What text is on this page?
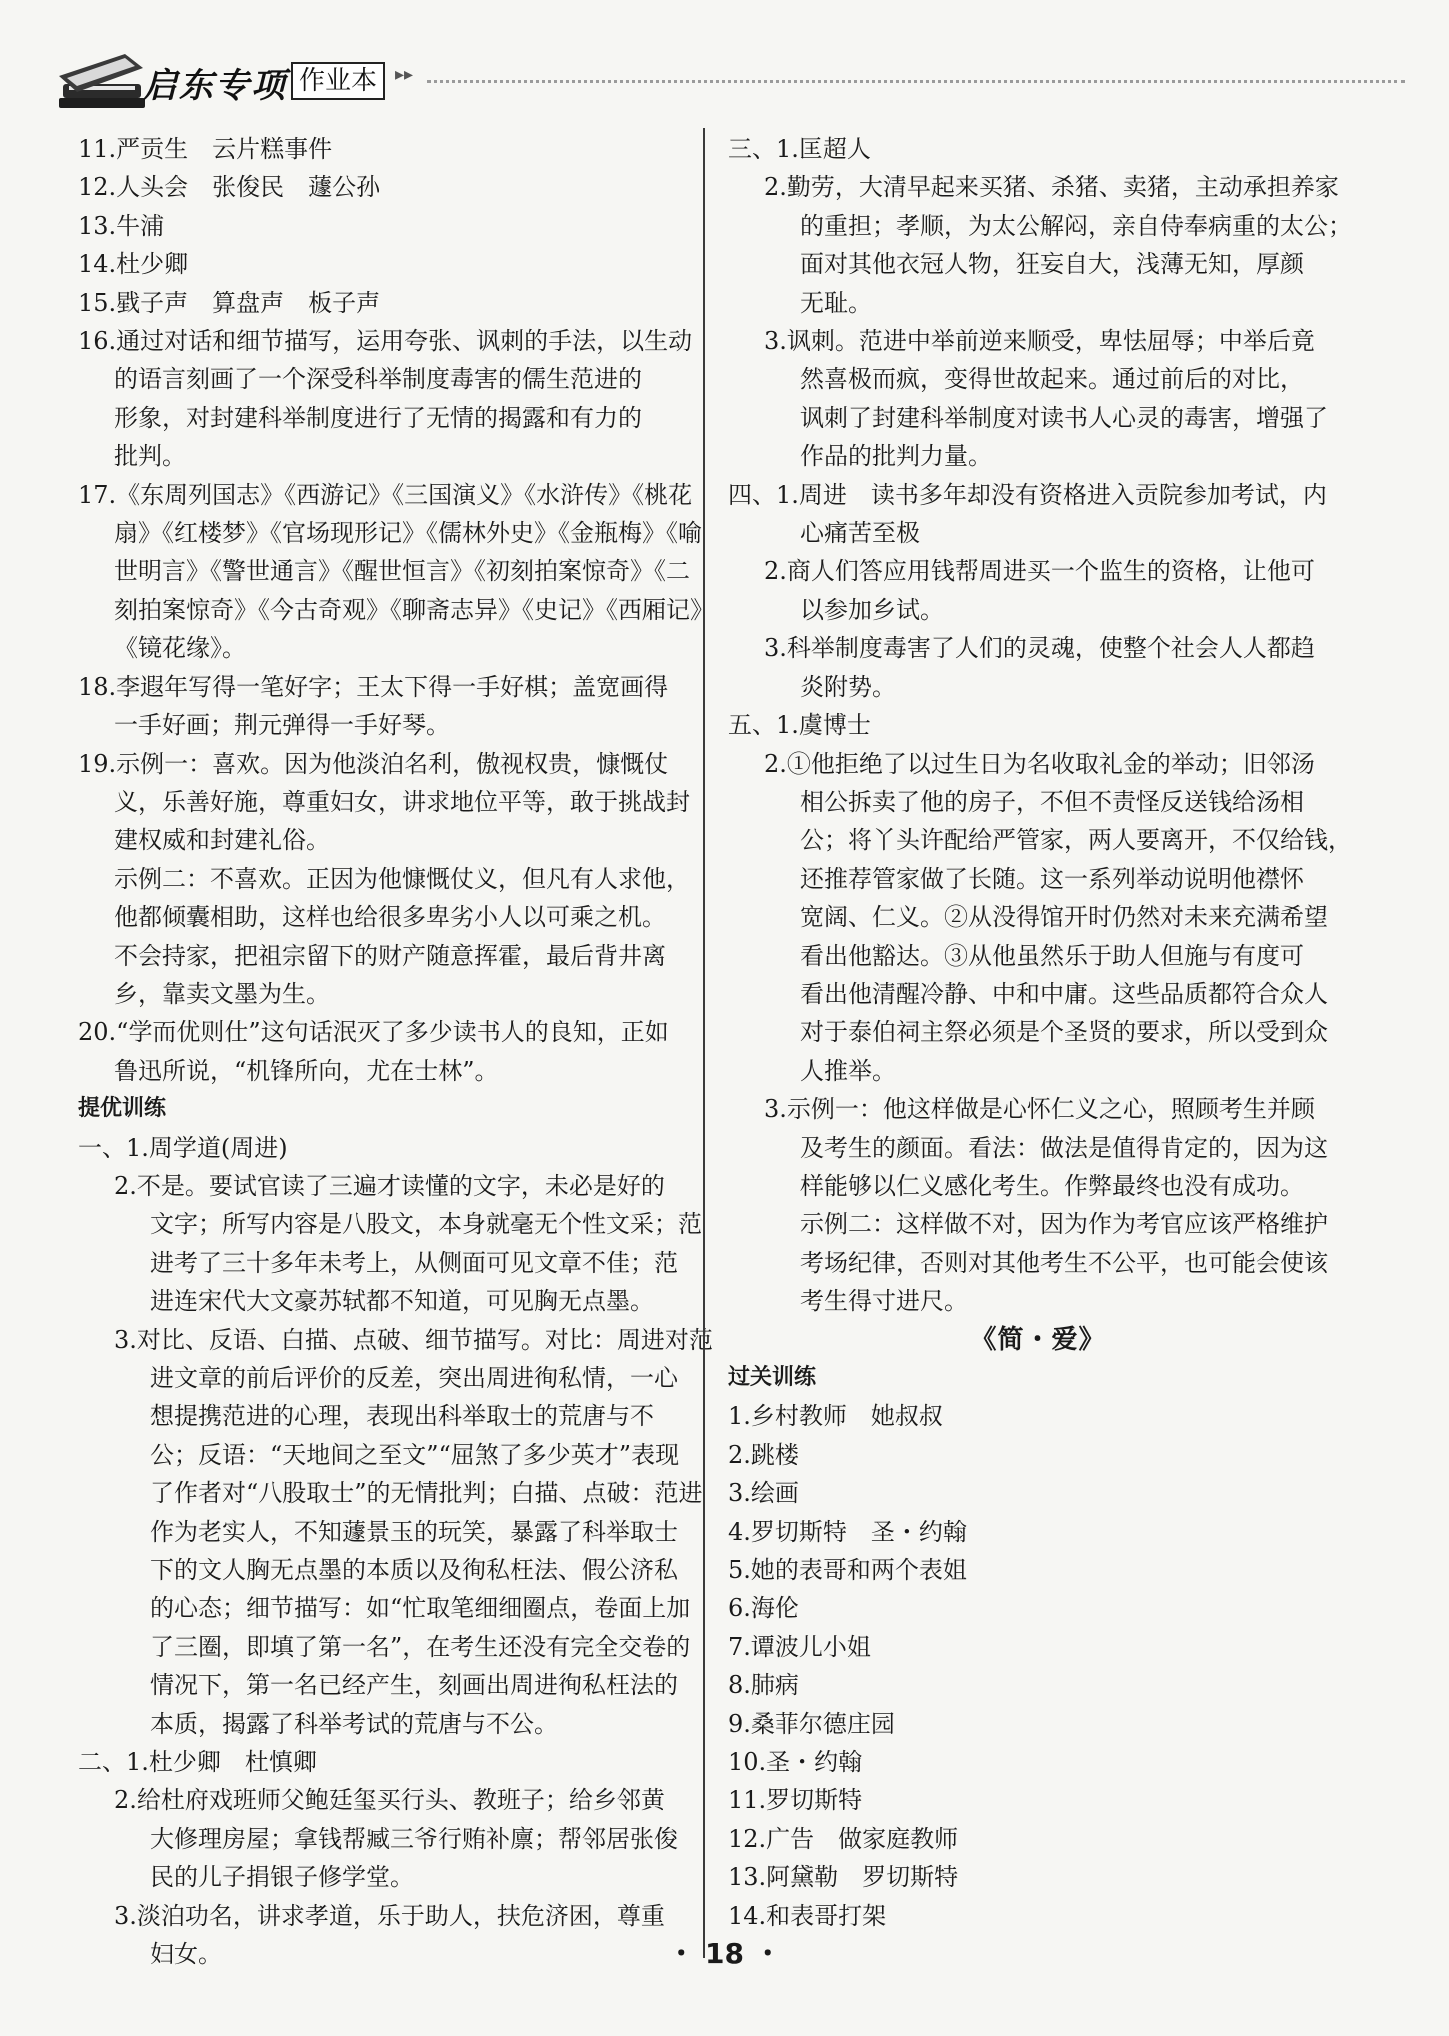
启东专项 作业本 ▸▸

11.严贡生　云片糕事件

12.人头会　张俊民　蘧公孙

13.牛浦

14.杜少卿

15.戥子声　算盘声　板子声

16.通过对话和细节描写，运用夸张、讽刺的手法，以生动

的语言刻画了一个深受科举制度毒害的儒生范进的

形象，对封建科举制度进行了无情的揭露和有力的

批判。

17.《东周列国志》《西游记》《三国演义》《水浒传》《桃花

扇》《红楼梦》《官场现形记》《儒林外史》《金瓶梅》《喻

世明言》《警世通言》《醒世恒言》《初刻拍案惊奇》《二

刻拍案惊奇》《今古奇观》《聊斋志异》《史记》《西厢记》

《镜花缘》。

18.李遐年写得一笔好字；王太下得一手好棋；盖宽画得

一手好画；荆元弹得一手好琴。

19.示例一：喜欢。因为他淡泊名利，傲视权贵，慷慨仗

义，乐善好施，尊重妇女，讲求地位平等，敢于挑战封

建权威和封建礼俗。

示例二：不喜欢。正因为他慷慨仗义，但凡有人求他，

他都倾囊相助，这样也给很多卑劣小人以可乘之机。

不会持家，把祖宗留下的财产随意挥霍，最后背井离

乡，靠卖文墨为生。

20.“学而优则仕”这句话泯灭了多少读书人的良知，正如

鲁迅所说，“机锋所向，尤在士林”。

提优训练

一、1.周学道(周进)

2.不是。要试官读了三遍才读懂的文字，未必是好的

文字；所写内容是八股文，本身就毫无个性文采；范

进考了三十多年未考上，从侧面可见文章不佳；范

进连宋代大文豪苏轼都不知道，可见胸无点墨。

3.对比、反语、白描、点破、细节描写。对比：周进对范

进文章的前后评价的反差，突出周进徇私情，一心

想提携范进的心理，表现出科举取士的荒唐与不

公；反语：“天地间之至文”“屈煞了多少英才”表现

了作者对“八股取士”的无情批判；白描、点破：范进

作为老实人，不知蘧景玉的玩笑，暴露了科举取士

下的文人胸无点墨的本质以及徇私枉法、假公济私

的心态；细节描写：如“忙取笔细细圈点，卷面上加

了三圈，即填了第一名”，在考生还没有完全交卷的

情况下，第一名已经产生，刻画出周进徇私枉法的

本质，揭露了科举考试的荒唐与不公。

二、1.杜少卿　杜慎卿

2.给杜府戏班师父鲍廷玺买行头、教班子；给乡邻黄

大修理房屋；拿钱帮臧三爷行贿补廪；帮邻居张俊

民的儿子捐银子修学堂。

3.淡泊功名，讲求孝道，乐于助人，扶危济困，尊重

妇女。

三、1.匡超人

2.勤劳，大清早起来买猪、杀猪、卖猪，主动承担养家

的重担；孝顺，为太公解闷，亲自侍奉病重的太公；

面对其他衣冠人物，狂妄自大，浅薄无知，厚颜

无耻。

3.讽刺。范进中举前逆来顺受，卑怯屈辱；中举后竟

然喜极而疯，变得世故起来。通过前后的对比，

讽刺了封建科举制度对读书人心灵的毒害，增强了

作品的批判力量。

四、1.周进　读书多年却没有资格进入贡院参加考试，内

心痛苦至极

2.商人们答应用钱帮周进买一个监生的资格，让他可

以参加乡试。

3.科举制度毒害了人们的灵魂，使整个社会人人都趋

炎附势。

五、1.虞博士

2.①他拒绝了以过生日为名收取礼金的举动；旧邻汤

相公拆卖了他的房子，不但不责怪反送钱给汤相

公；将丫头许配给严管家，两人要离开，不仅给钱，

还推荐管家做了长随。这一系列举动说明他襟怀

宽阔、仁义。②从没得馆开时仍然对未来充满希望

看出他豁达。③从他虽然乐于助人但施与有度可

看出他清醒冷静、中和中庸。这些品质都符合众人

对于泰伯祠主祭必须是个圣贤的要求，所以受到众

人推举。

3.示例一：他这样做是心怀仁义之心，照顾考生并顾

及考生的颜面。看法：做法是值得肯定的，因为这

样能够以仁义感化考生。作弊最终也没有成功。

示例二：这样做不对，因为作为考官应该严格维护

考场纪律，否则对其他考生不公平，也可能会使该

考生得寸进尺。

《简・爱》

过关训练

1.乡村教师　她叔叔

2.跳楼

3.绘画

4.罗切斯特　圣・约翰

5.她的表哥和两个表姐

6.海伦

7.谭波儿小姐

8.肺病

9.桑菲尔德庄园

10.圣・约翰

11.罗切斯特

12.广告　做家庭教师

13.阿黛勒　罗切斯特

14.和表哥打架

・ 18 ・
